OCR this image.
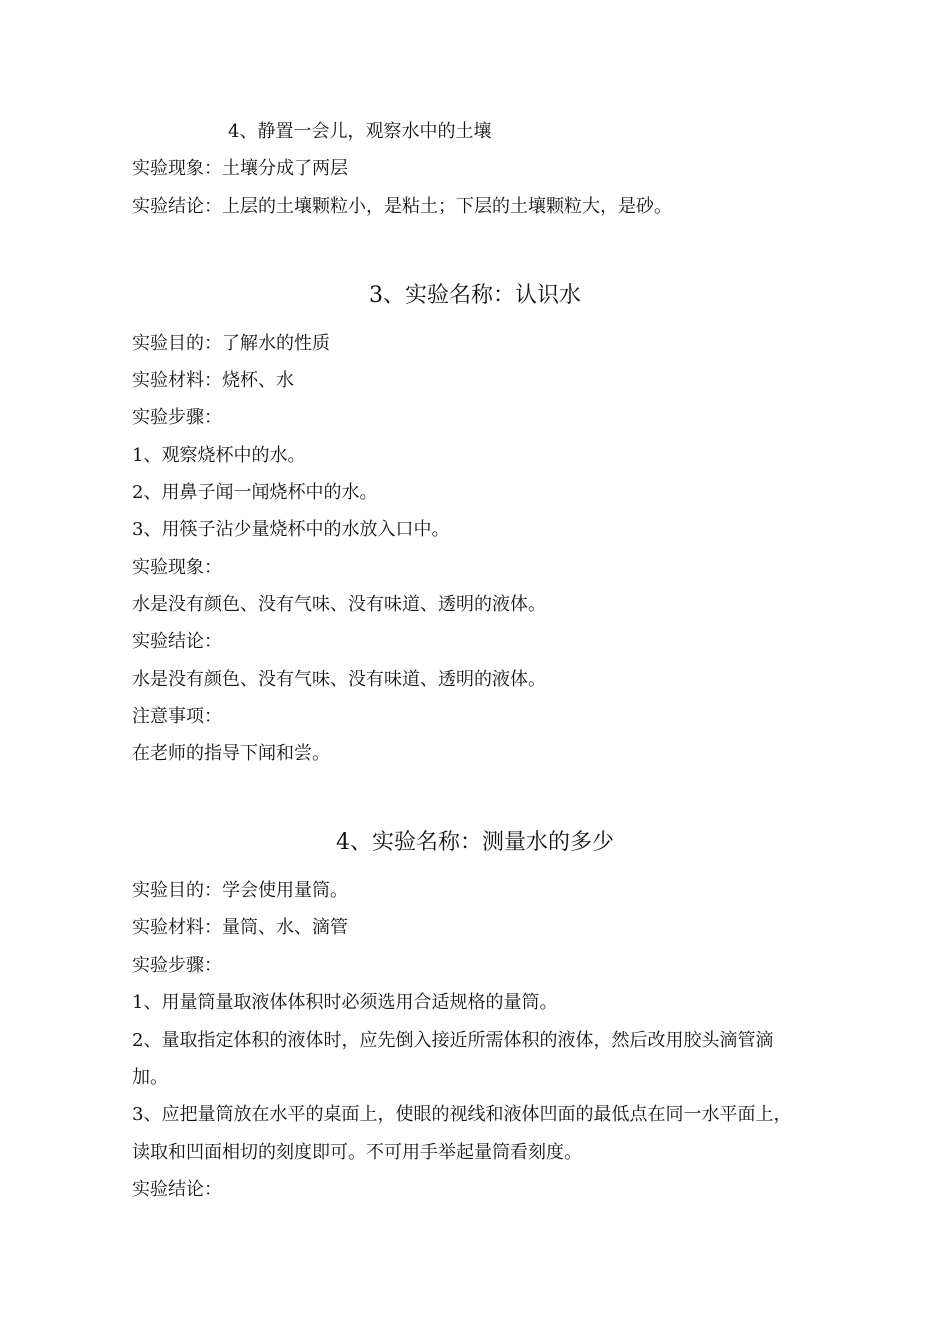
4、静置一会儿，观察水中的土壤
实验现象：土壤分成了两层
实验结论：上层的土壤颗粒小，是粘土；下层的土壤颗粒大，是砂。
3、实验名称：认识水
实验目的：了解水的性质
实验材料：烧杯、水
实验步骤：
1、观察烧杯中的水。
2、用鼻子闻一闻烧杯中的水。
3、用筷子沾少量烧杯中的水放入口中。
实验现象：
水是没有颜色、没有气味、没有味道、透明的液体。
实验结论：
水是没有颜色、没有气味、没有味道、透明的液体。
注意事项：
在老师的指导下闻和尝。
4、实验名称：测量水的多少
实验目的：学会使用量筒。
实验材料：量筒、水、滴管
实验步骤：
1、用量筒量取液体体积时必须选用合适规格的量筒。
2、量取指定体积的液体时，应先倒入接近所需体积的液体，然后改用胶头滴管滴
加。
3、应把量筒放在水平的桌面上，使眼的视线和液体凹面的最低点在同一水平面上，
读取和凹面相切的刻度即可。不可用手举起量筒看刻度。
实验结论：
